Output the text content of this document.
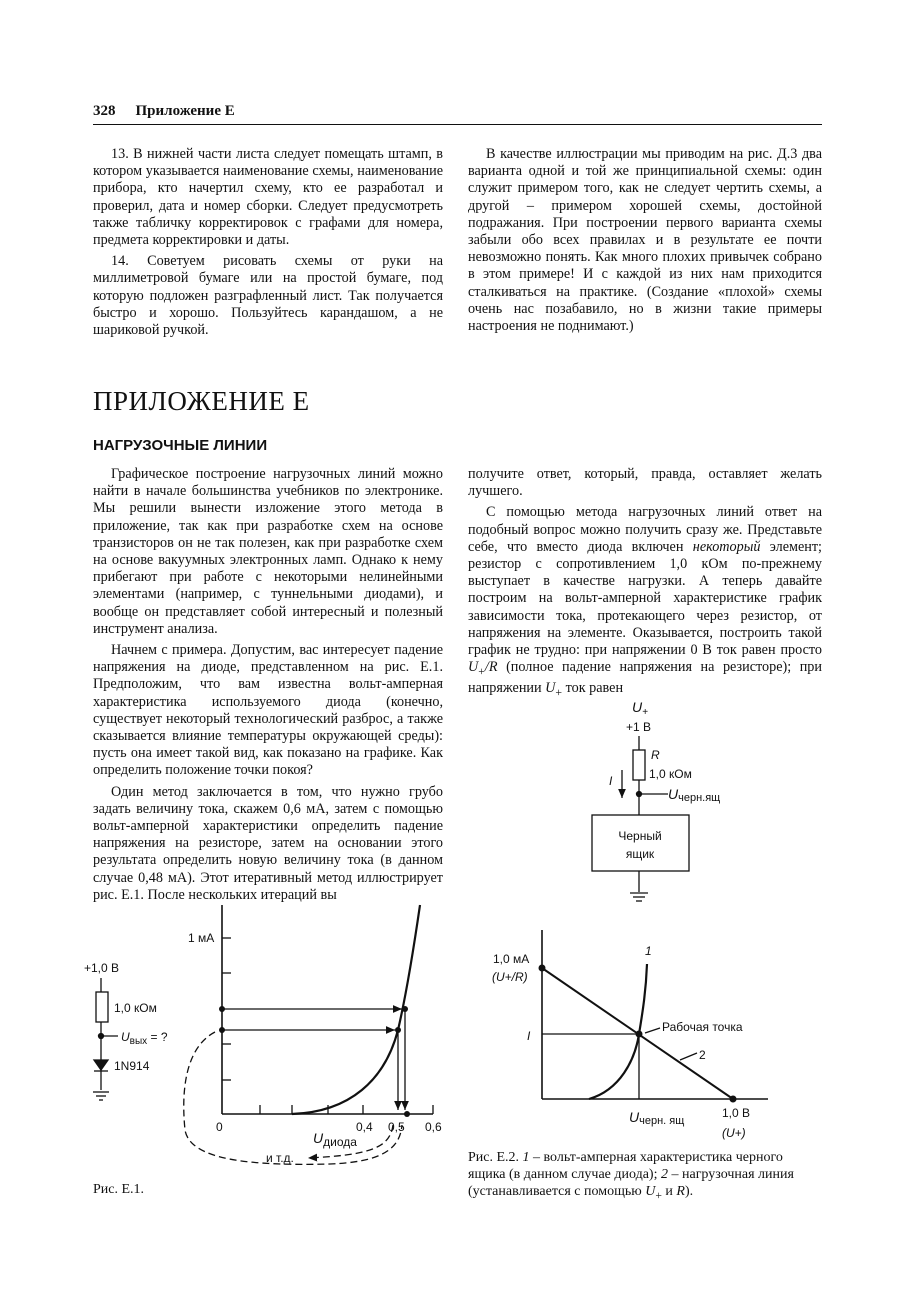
328 Приложение Е

13. В нижней части листа следует помещать штамп, в котором указывается наименование схемы, наименование прибора, кто начертил схему, кто ее разработал и проверил, дата и номер сборки. Следует предусмотреть также табличку корректировок с графами для номера, предмета корректировки и даты.

14. Советуем рисовать схемы от руки на миллиметровой бумаге или на простой бумаге, под которую подложен разграфленный лист. Так получается быстро и хорошо. Пользуйтесь карандашом, а не шариковой ручкой.

В качестве иллюстрации мы приводим на рис. Д.3 два варианта одной и той же принципиальной схемы: один служит примером того, как не следует чертить схемы, а другой – примером хорошей схемы, достойной подражания. При построении первого варианта схемы забыли обо всех правилах и в результате ее почти невозможно понять. Как много плохих привычек собрано в этом примере! И с каждой из них нам приходится сталкиваться на практике. (Создание «плохой» схемы очень нас позабавило, но в жизни такие примеры настроения не поднимают.)

ПРИЛОЖЕНИЕ Е
НАГРУЗОЧНЫЕ ЛИНИИ

Графическое построение нагрузочных линий можно найти в начале большинства учебников по электронике. Мы решили вынести изложение этого метода в приложение, так как при разработке схем на основе транзисторов он не так полезен, как при разработке схем на основе вакуумных электронных ламп. Однако к нему прибегают при работе с некоторыми нелинейными элементами (например, с туннельными диодами), и вообще он представляет собой интересный и полезный инструмент анализа.

Начнем с примера. Допустим, вас интересует падение напряжения на диоде, представленном на рис. Е.1. Предположим, что вам известна вольт-амперная характеристика используемого диода (конечно, существует некоторый технологический разброс, а также сказывается влияние температуры окружающей среды): пусть она имеет такой вид, как показано на графике. Как определить положение точки покоя?

Один метод заключается в том, что нужно грубо задать величину тока, скажем 0,6 мА, затем с помощью вольт-амперной характеристики определить падение напряжения на резисторе, затем на основании этого результата определить новую величину тока (в данном случае 0,48 мА). Этот итеративный метод иллюстрирует рис. Е.1. После нескольких итераций вы

получите ответ, который, правда, оставляет желать лучшего.

С помощью метода нагрузочных линий ответ на подобный вопрос можно получить сразу же. Представьте себе, что вместо диода включен некоторый элемент; резистор с сопротивлением 1,0 кОм по-прежнему выступает в качестве нагрузки. А теперь давайте построим на вольт-амперной характеристике график зависимости тока, протекающего через резистор, от напряжения на элементе. Оказывается, построить такой график не трудно: при напряжении 0 В ток равен просто $U_+/R$ (полное падение напряжения на резисторе); при напряжении $U_+$ ток равен

+1,0 В
1,0 кОм
$U_{вых}$ = ?
1N914
1 мА
0	0,4 0,5 0,6
Uдиода
и т.д.
$U_+$
+1 В
R
1,0 кОм
I
Uчерн.ящ
Черный
ящик
1,0 мА
(U+/R)
I
1
Рабочая точка
2
Uчерн. ящ
1,0 В
(U+)
Рис. Е.1.
Рис. Е.2. 1 – вольт-амперная характеристика черного ящика (в данном случае диода); 2 – нагрузочная линия (устанавливается с помощью $U_+$ и R).
